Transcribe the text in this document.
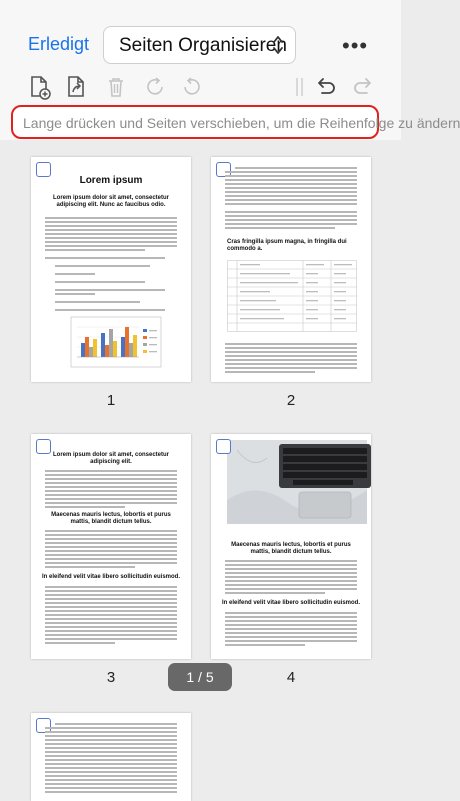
Erledigt Seiten Organisieren	•••
Lange drücken und Seiten verschieben, um die Reihenfolge zu ändern
Lorem ipsum
Lorem ipsum dolor sit amet, consectetur adipiscing elit. Nunc ac faucibus odio.
1
Cras fringilla ipsum magna, in fringilla dui commodo a.
2
Lorem ipsum dolor sit amet, consectetur adipiscing elit.
Maecenas mauris lectus, lobortis et purus mattis, blandit dictum tellus.
In eleifend velit vitae libero sollicitudin euismod.
3
Maecenas mauris lectus, lobortis et purus mattis, blandit dictum tellus.
In eleifend velit vitae libero sollicitudin euismod.
4
1 / 5
